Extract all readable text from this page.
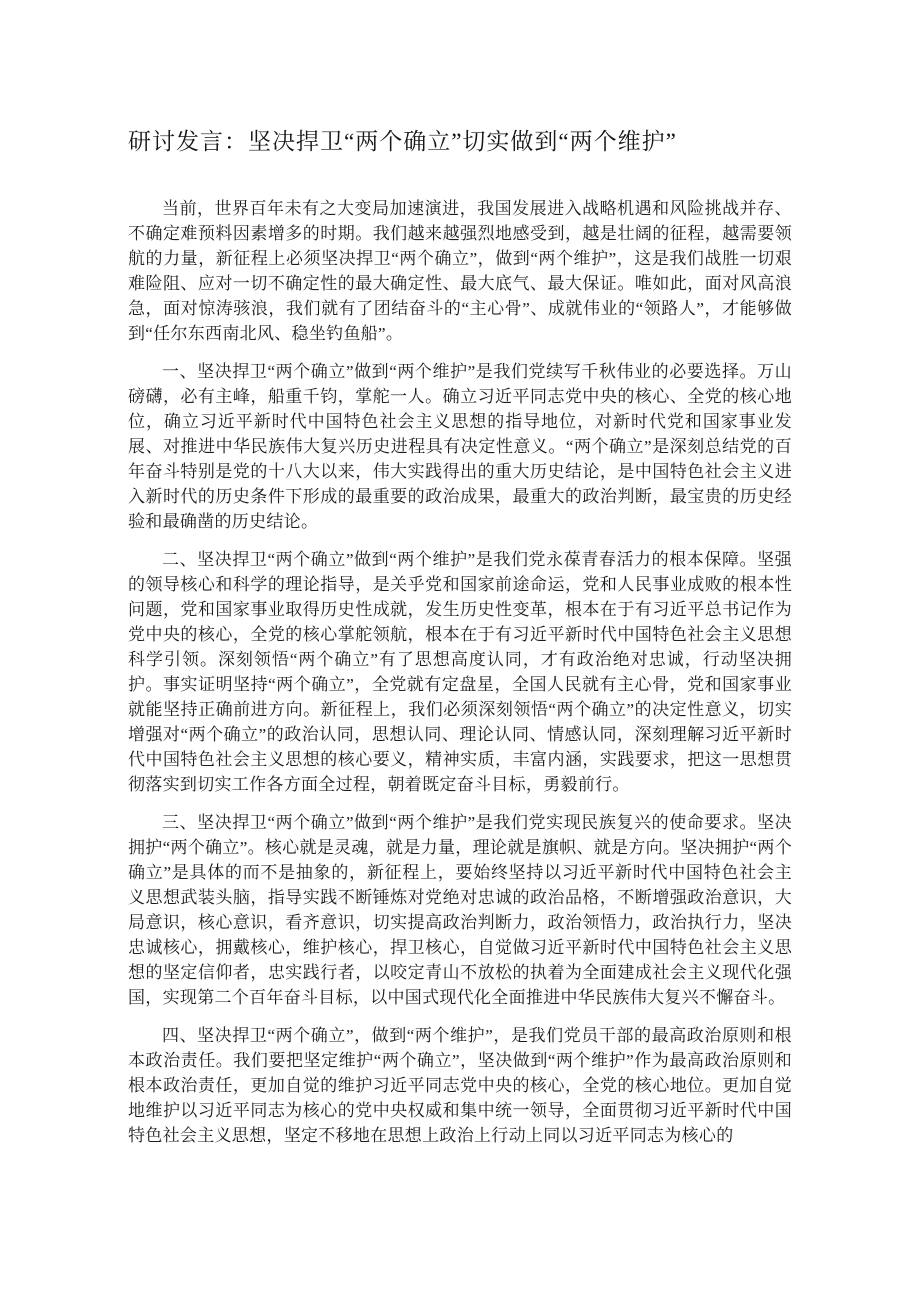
研讨发言：坚决捍卫“两个确立”切实做到“两个维护”

当前，世界百年未有之大变局加速演进，我国发展进入战略机遇和风险挑战并存、不确定难预料因素增多的时期。我们越来越强烈地感受到，越是壮阔的征程，越需要领航的力量，新征程上必须坚决捍卫“两个确立”，做到“两个维护”，这是我们战胜一切艰难险阻、应对一切不确定性的最大确定性、最大底气、最大保证。唯如此，面对风高浪急，面对惊涛骇浪，我们就有了团结奋斗的“主心骨”、成就伟业的“领路人”，才能够做到“任尔东西南北风、稳坐钓鱼船”。

一、坚决捍卫“两个确立”做到“两个维护”是我们党续写千秋伟业的必要选择。万山磅礴，必有主峰，船重千钧，掌舵一人。确立习近平同志党中央的核心、全党的核心地位，确立习近平新时代中国特色社会主义思想的指导地位，对新时代党和国家事业发展、对推进中华民族伟大复兴历史进程具有决定性意义。“两个确立”是深刻总结党的百年奋斗特别是党的十八大以来，伟大实践得出的重大历史结论，是中国特色社会主义进入新时代的历史条件下形成的最重要的政治成果，最重大的政治判断，最宝贵的历史经验和最确凿的历史结论。

二、坚决捍卫“两个确立”做到“两个维护”是我们党永葆青春活力的根本保障。坚强的领导核心和科学的理论指导，是关乎党和国家前途命运，党和人民事业成败的根本性问题，党和国家事业取得历史性成就，发生历史性变革，根本在于有习近平总书记作为党中央的核心，全党的核心掌舵领航，根本在于有习近平新时代中国特色社会主义思想科学引领。深刻领悟“两个确立”有了思想高度认同，才有政治绝对忠诚，行动坚决拥护。事实证明坚持“两个确立”，全党就有定盘星，全国人民就有主心骨，党和国家事业就能坚持正确前进方向。新征程上，我们必须深刻领悟“两个确立”的决定性意义，切实增强对“两个确立”的政治认同，思想认同、理论认同、情感认同，深刻理解习近平新时代中国特色社会主义思想的核心要义，精神实质，丰富内涵，实践要求，把这一思想贯彻落实到切实工作各方面全过程，朝着既定奋斗目标，勇毅前行。

三、坚决捍卫“两个确立”做到“两个维护”是我们党实现民族复兴的使命要求。坚决拥护“两个确立”。核心就是灵魂，就是力量，理论就是旗帜、就是方向。坚决拥护“两个确立”是具体的而不是抽象的，新征程上，要始终坚持以习近平新时代中国特色社会主义思想武装头脑，指导实践不断锤炼对党绝对忠诚的政治品格，不断增强政治意识，大局意识，核心意识，看齐意识，切实提高政治判断力，政治领悟力，政治执行力，坚决忠诚核心，拥戴核心，维护核心，捍卫核心，自觉做习近平新时代中国特色社会主义思想的坚定信仰者，忠实践行者，以咬定青山不放松的执着为全面建成社会主义现代化强国，实现第二个百年奋斗目标，以中国式现代化全面推进中华民族伟大复兴不懈奋斗。

四、坚决捍卫“两个确立”，做到“两个维护”，是我们党员干部的最高政治原则和根本政治责任。我们要把坚定维护“两个确立”，坚决做到“两个维护”作为最高政治原则和根本政治责任，更加自觉的维护习近平同志党中央的核心，全党的核心地位。更加自觉地维护以习近平同志为核心的党中央权威和集中统一领导，全面贯彻习近平新时代中国特色社会主义思想，坚定不移地在思想上政治上行动上同以习近平同志为核心的
